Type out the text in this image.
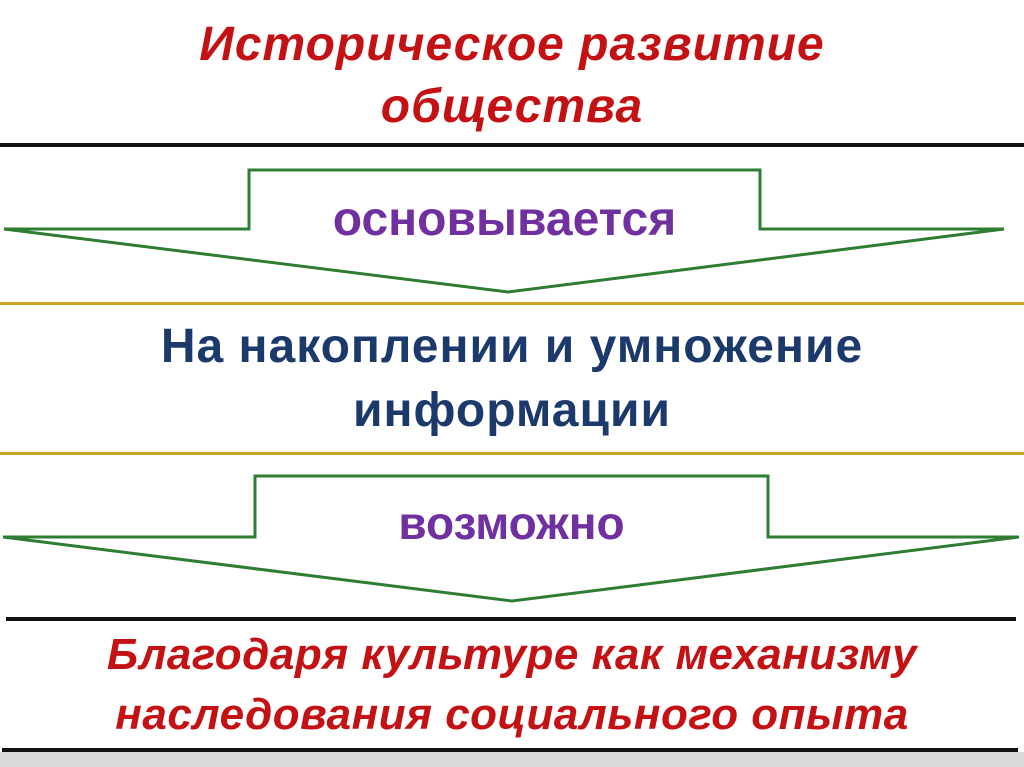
Историческое развитие
общества
основывается
На накоплении и умножение
информации
возможно
Благодаря культуре как механизму
наследования социального опыта
